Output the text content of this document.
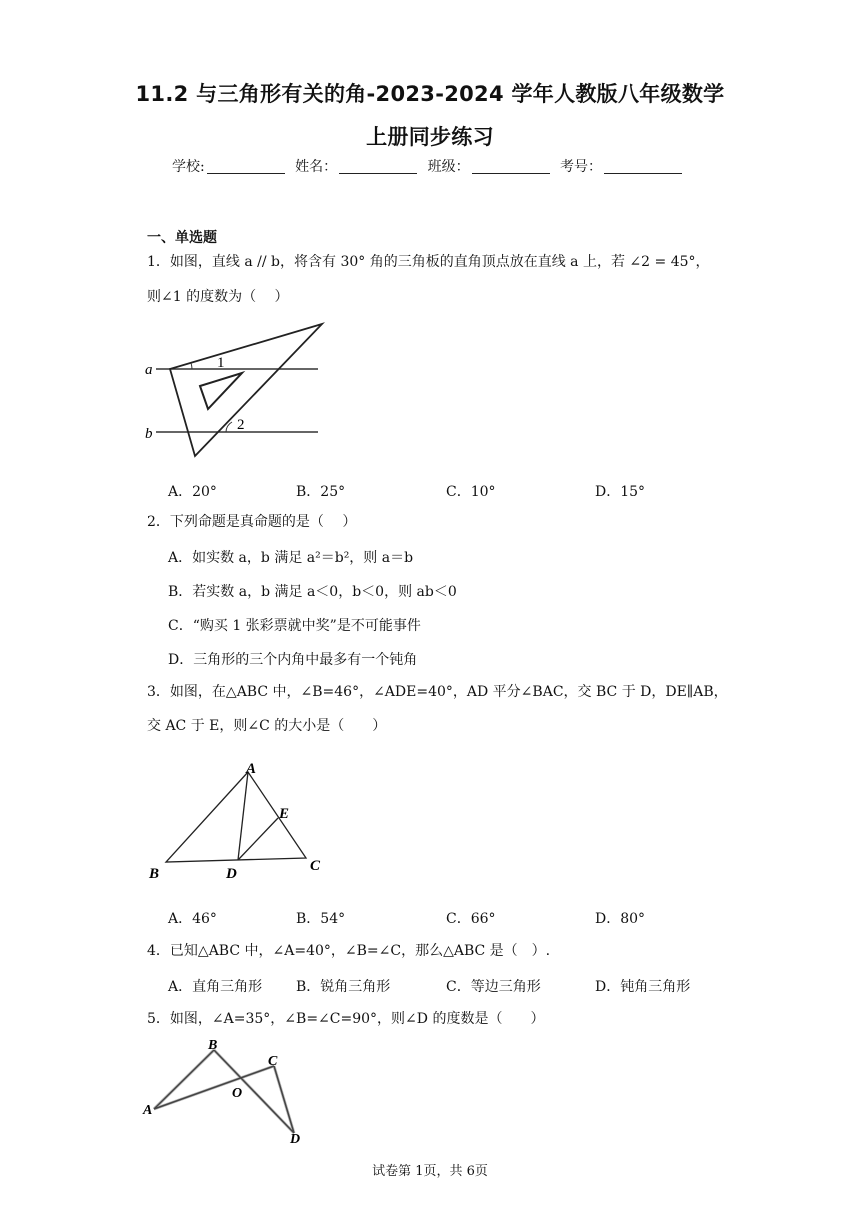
11.2 与三角形有关的角-2023-2024 学年人教版八年级数学
上册同步练习
学校:	姓名：	班级：	考号：
一、单选题
1．如图，直线 a // b，将含有 30° 角的三角板的直角顶点放在直线 a 上，若 ∠2 = 45°，
则∠1 的度数为（　 ）
a
b
1
2
A．20°	B．25°	C．10°	D．15°
2．下列命题是真命题的是（　 ）
A．如实数 a，b 满足 a²＝b²，则 a＝b
B．若实数 a，b 满足 a＜0，b＜0，则 ab＜0
C．“购买 1 张彩票就中奖”是不可能事件
D．三角形的三个内角中最多有一个钝角
3．如图，在△ABC 中，∠B=46°，∠ADE=40°，AD 平分∠BAC，交 BC 于 D，DE∥AB，
交 AC 于 E，则∠C 的大小是（　　）
A
B	C
D
E
A．46°	B．54°	C．66°	D．80°
4．已知△ABC 中，∠A=40°，∠B=∠C，那么△ABC 是（　）.
A．直角三角形 B．锐角三角形	C．等边三角形	D．钝角三角形
5．如图，∠A=35°，∠B=∠C=90°，则∠D 的度数是（　　）
B
C
A
D
O
试卷第 1页，共 6页
